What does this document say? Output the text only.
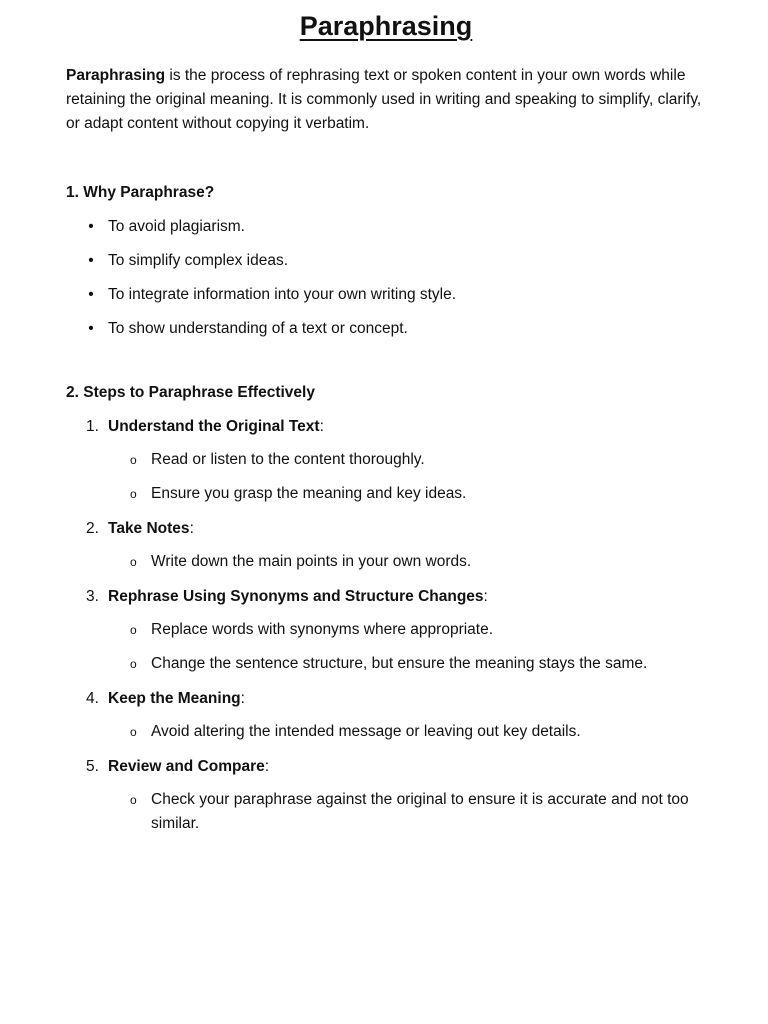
Paraphrasing

Paraphrasing is the process of rephrasing text or spoken content in your own words while retaining the original meaning. It is commonly used in writing and speaking to simplify, clarify, or adapt content without copying it verbatim.

1. Why Paraphrase?
• To avoid plagiarism.
• To simplify complex ideas.
• To integrate information into your own writing style.
• To show understanding of a text or concept.
2. Steps to Paraphrase Effectively
1. Understand the Original Text:
o Read or listen to the content thoroughly.
o Ensure you grasp the meaning and key ideas.
2. Take Notes:
o Write down the main points in your own words.
3. Rephrase Using Synonyms and Structure Changes:
o Replace words with synonyms where appropriate.
o Change the sentence structure, but ensure the meaning stays the same.
4. Keep the Meaning:
o Avoid altering the intended message or leaving out key details.
5. Review and Compare:
o Check your paraphrase against the original to ensure it is accurate and not too similar.
